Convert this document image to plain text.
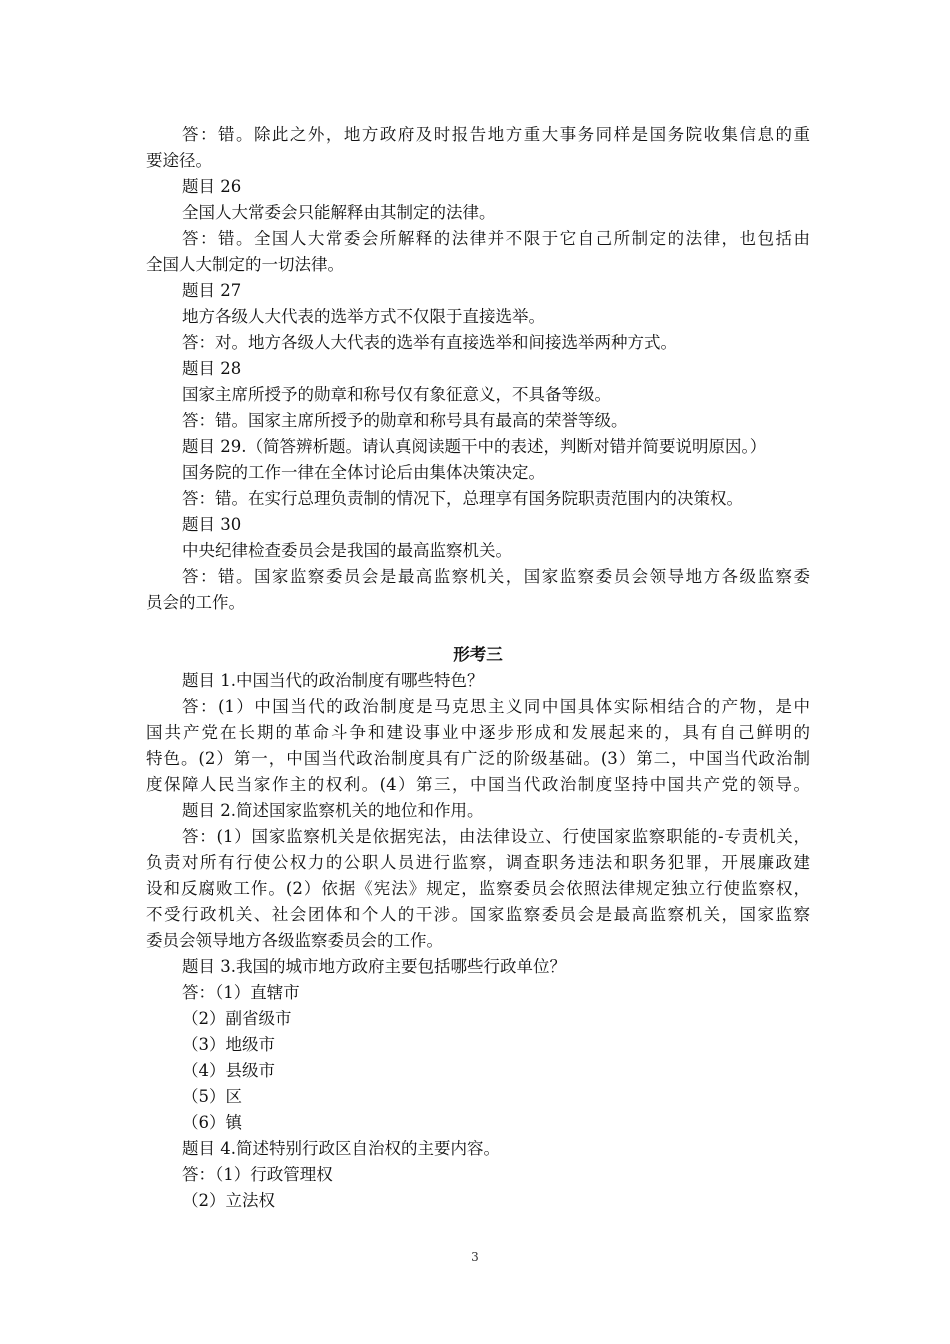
答：错。除此之外，地方政府及时报告地方重大事务同样是国务院收集信息的重
要途径。
题目 26
全国人大常委会只能解释由其制定的法律。
答：错。全国人大常委会所解释的法律并不限于它自己所制定的法律，也包括由
全国人大制定的一切法律。
题目 27
地方各级人大代表的选举方式不仅限于直接选举。
答：对。地方各级人大代表的选举有直接选举和间接选举两种方式。
题目 28
国家主席所授予的勋章和称号仅有象征意义，不具备等级。
答：错。国家主席所授予的勋章和称号具有最高的荣誉等级。
题目 29.（简答辨析题。请认真阅读题干中的表述，判断对错并简要说明原因。）
国务院的工作一律在全体讨论后由集体决策决定。
答：错。在实行总理负责制的情况下，总理享有国务院职责范围内的决策权。
题目 30
中央纪律检查委员会是我国的最高监察机关。
答：错。国家监察委员会是最高监察机关，国家监察委员会领导地方各级监察委
员会的工作。
形考三
题目 1.中国当代的政治制度有哪些特色？
答：(1）中国当代的政治制度是马克思主义同中国具体实际相结合的产物，是中
国共产党在长期的革命斗争和建设事业中逐步形成和发展起来的，具有自己鲜明的
特色。(2）第一，中国当代政治制度具有广泛的阶级基础。(3）第二，中国当代政治制
度保障人民当家作主的权利。(4）第三，中国当代政治制度坚持中国共产党的领导。
题目 2.简述国家监察机关的地位和作用。
答：(1）国家监察机关是依据宪法，由法律设立、行使国家监察职能的-专责机关，
负责对所有行使公权力的公职人员进行监察，调查职务违法和职务犯罪，开展廉政建
设和反腐败工作。(2）依据《宪法》规定，监察委员会依照法律规定独立行使监察权，
不受行政机关、社会团体和个人的干涉。国家监察委员会是最高监察机关，国家监察
委员会领导地方各级监察委员会的工作。
题目 3.我国的城市地方政府主要包括哪些行政单位？
答：（1）直辖市
（2）副省级市
（3）地级市
（4）县级市
（5）区
（6）镇
题目 4.简述特别行政区自治权的主要内容。
答：（1）行政管理权
（2）立法权
3
